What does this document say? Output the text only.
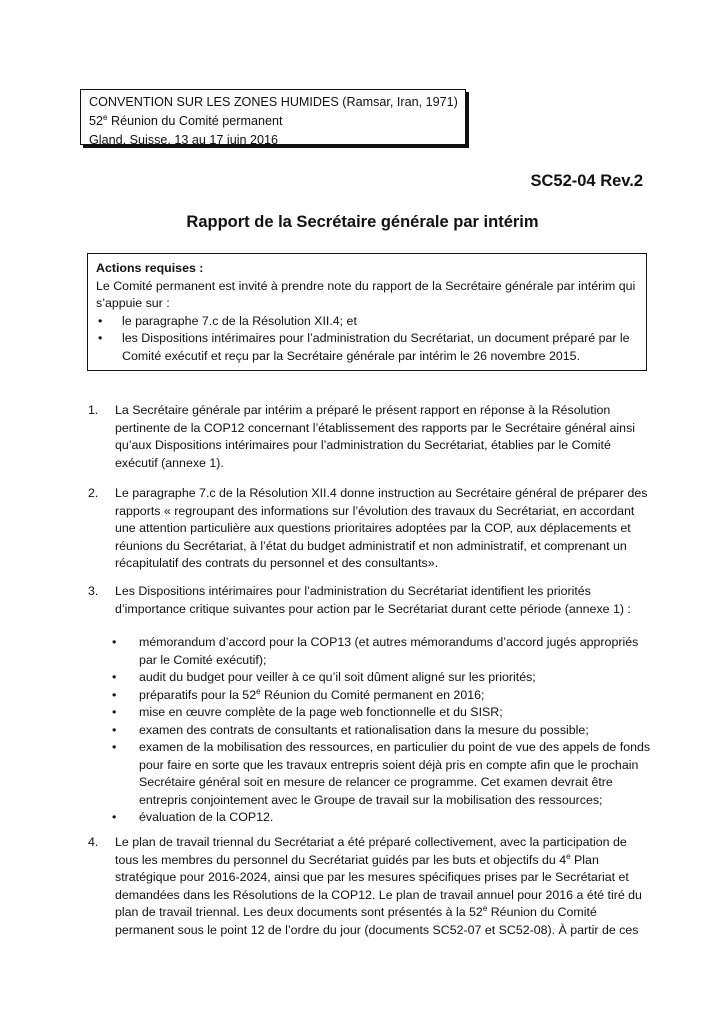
CONVENTION SUR LES ZONES HUMIDES (Ramsar, Iran, 1971)
52e Réunion du Comité permanent
Gland, Suisse, 13 au 17 juin 2016
SC52-04 Rev.2
Rapport de la Secrétaire générale par intérim
Actions requises :
Le Comité permanent est invité à prendre note du rapport de la Secrétaire générale par intérim qui s’appuie sur :
•	le paragraphe 7.c de la Résolution XII.4; et
•	les Dispositions intérimaires pour l’administration du Secrétariat, un document préparé par le Comité exécutif et reçu par la Secrétaire générale par intérim le 26 novembre 2015.
1. La Secrétaire générale par intérim a préparé le présent rapport en réponse à la Résolution pertinente de la COP12 concernant l’établissement des rapports par le Secrétaire général ainsi qu’aux Dispositions intérimaires pour l’administration du Secrétariat, établies par le Comité exécutif (annexe 1).
2. Le paragraphe 7.c de la Résolution XII.4 donne instruction au Secrétaire général de préparer des rapports « regroupant des informations sur l’évolution des travaux du Secrétariat, en accordant une attention particulière aux questions prioritaires adoptées par la COP, aux déplacements et réunions du Secrétariat, à l’état du budget administratif et non administratif, et comprenant un récapitulatif des contrats du personnel et des consultants».
3. Les Dispositions intérimaires pour l’administration du Secrétariat identifient les priorités d’importance critique suivantes pour action par le Secrétariat durant cette période (annexe 1) :
•	mémorandum d’accord pour la COP13 (et autres mémorandums d’accord jugés appropriés par le Comité exécutif);
•	audit du budget pour veiller à ce qu’il soit dûment aligné sur les priorités;
•	préparatifs pour la 52e Réunion du Comité permanent en 2016;
•	mise en œuvre complète de la page web fonctionnelle et du SISR;
•	examen des contrats de consultants et rationalisation dans la mesure du possible;
•	examen de la mobilisation des ressources, en particulier du point de vue des appels de fonds pour faire en sorte que les travaux entrepris soient déjà pris en compte afin que le prochain Secrétaire général soit en mesure de relancer ce programme. Cet examen devrait être entrepris conjointement avec le Groupe de travail sur la mobilisation des ressources;
•	évaluation de la COP12.
4. Le plan de travail triennal du Secrétariat a été préparé collectivement, avec la participation de tous les membres du personnel du Secrétariat guidés par les buts et objectifs du 4e Plan stratégique pour 2016-2024, ainsi que par les mesures spécifiques prises par le Secrétariat et demandées dans les Résolutions de la COP12. Le plan de travail annuel pour 2016 a été tiré du plan de travail triennal. Les deux documents sont présentés à la 52e Réunion du Comité permanent sous le point 12 de l’ordre du jour (documents SC52-07 et SC52-08). À partir de ces
